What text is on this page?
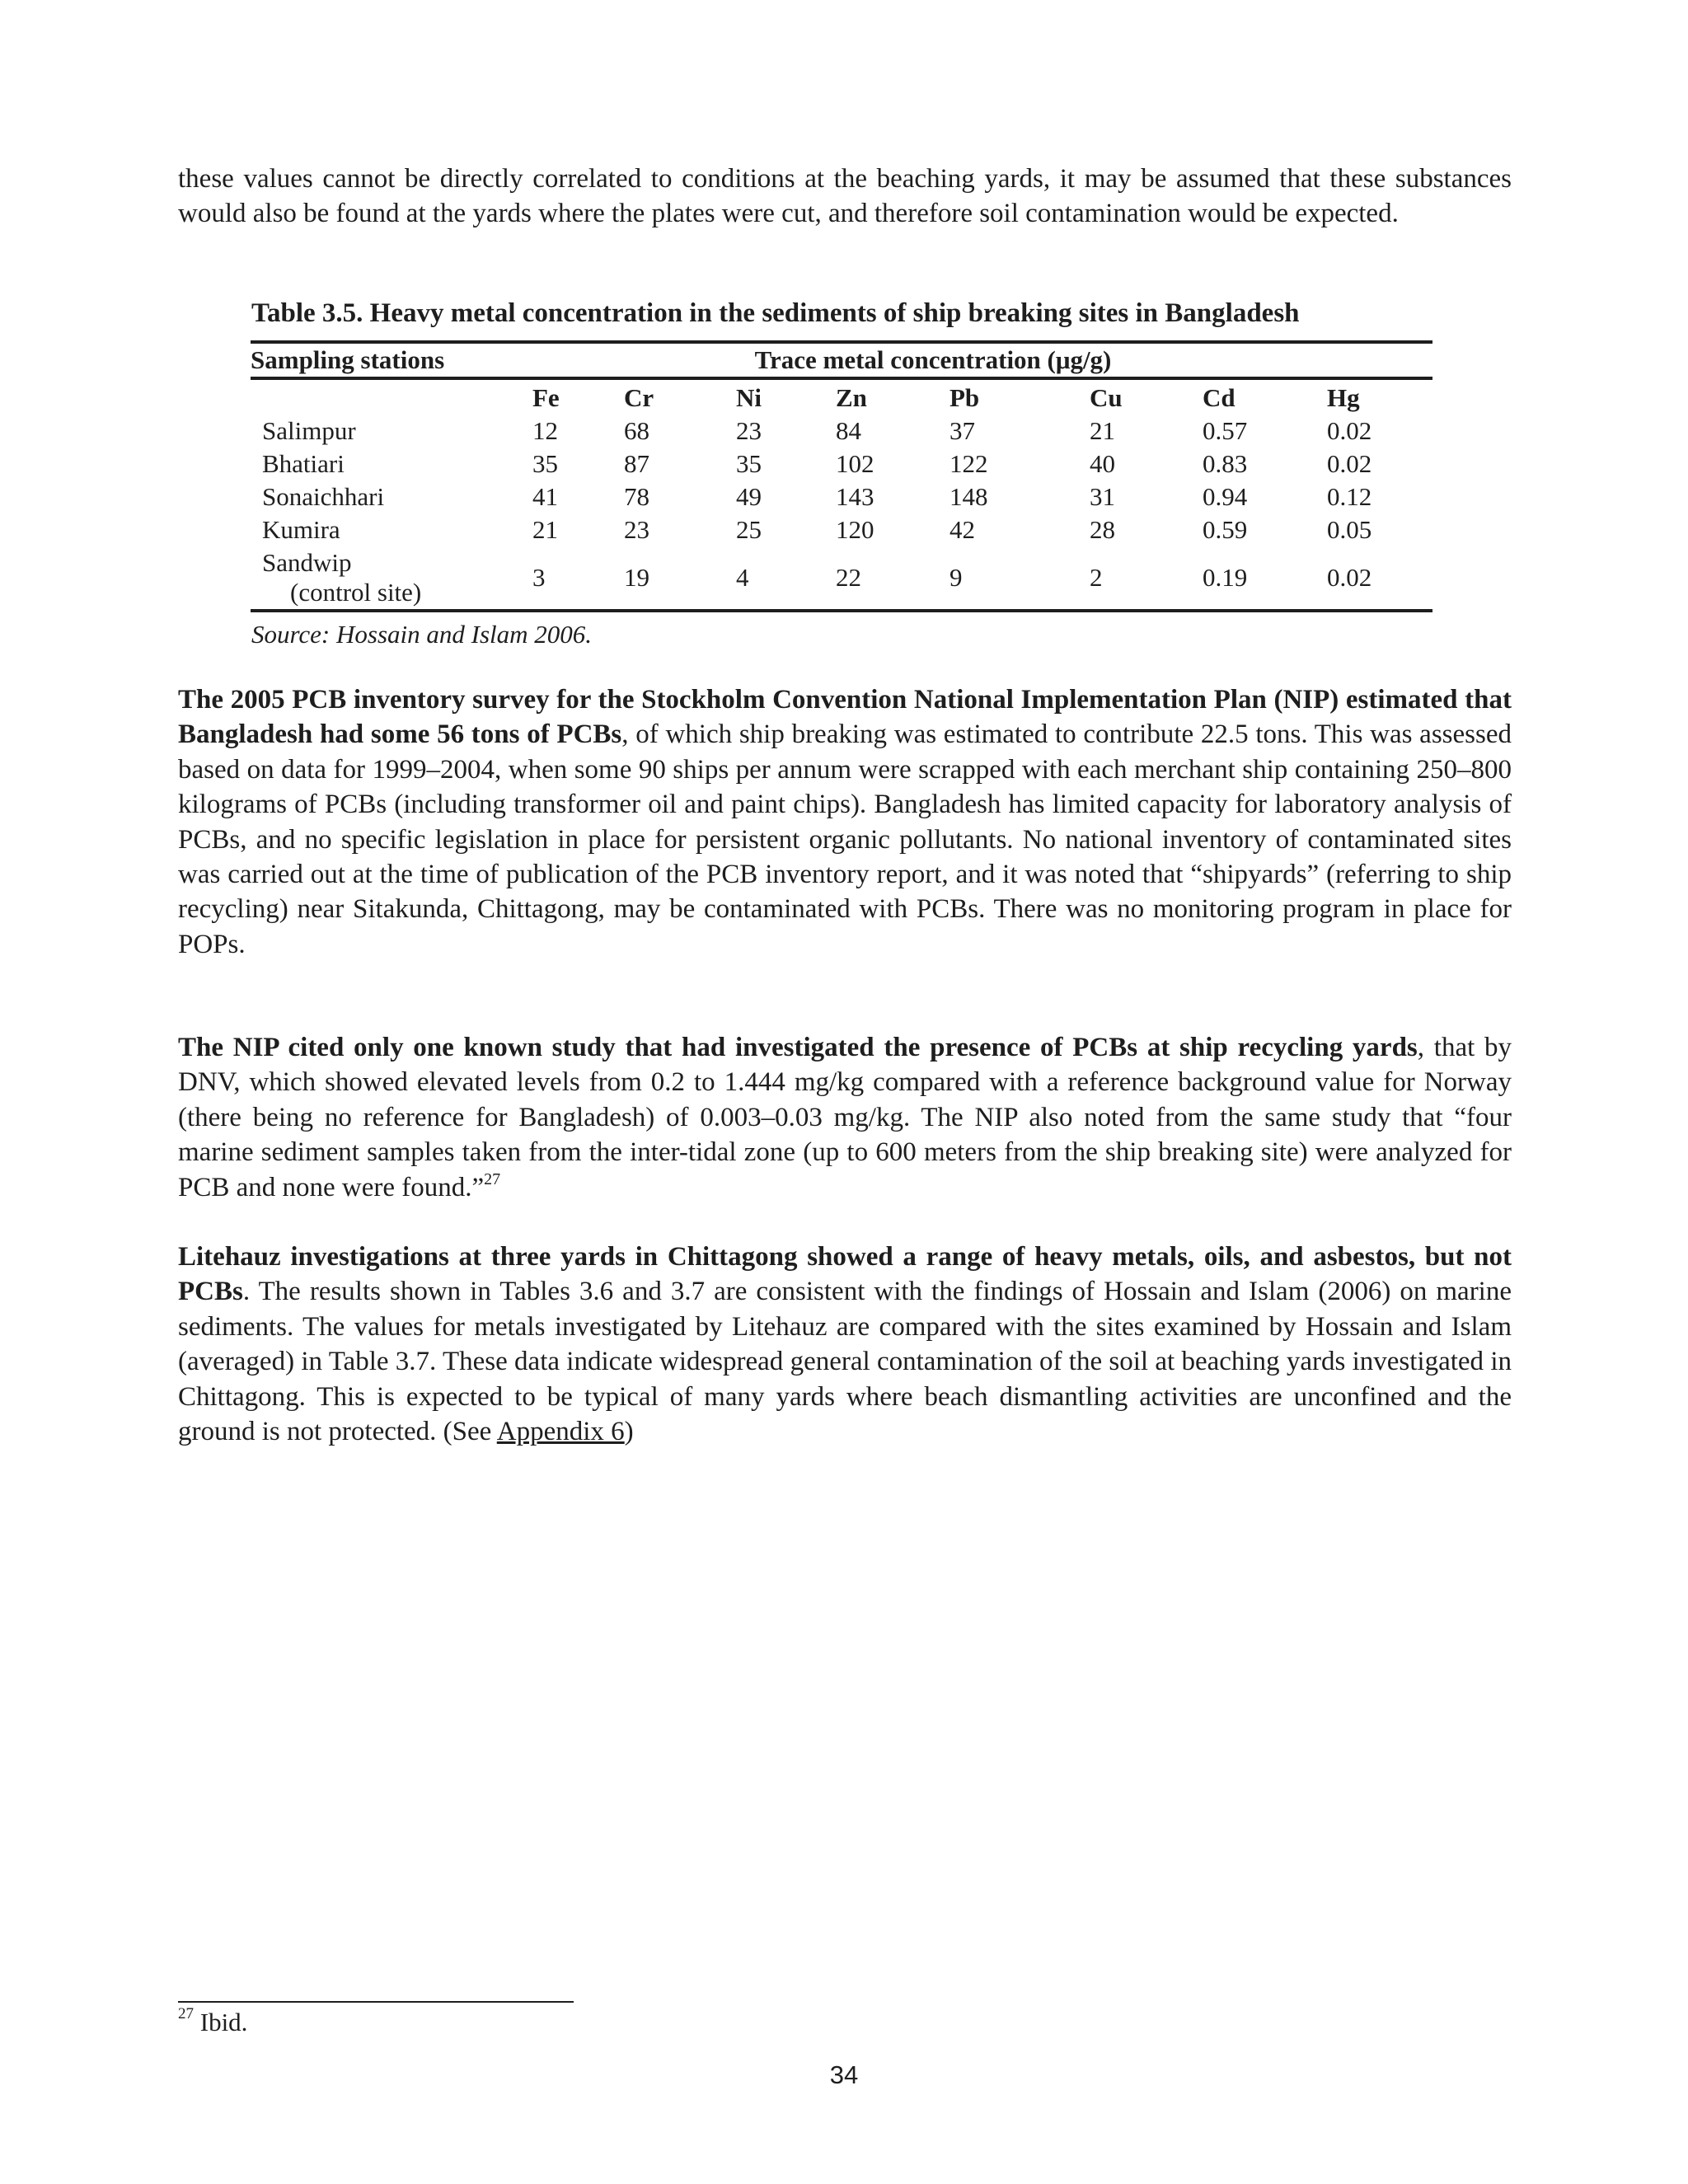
these values cannot be directly correlated to conditions at the beaching yards, it may be assumed that these substances would also be found at the yards where the plates were cut, and therefore soil contamination would be expected.

Table 3.5. Heavy metal concentration in the sediments of ship breaking sites in Bangladesh
Sampling stations	Trace metal concentration (μg/g)							
	Fe	Cr	Ni	Zn	Pb	Cu	Cd	Hg
Salimpur	12	68	23	84	37	21	0.57	0.02
Bhatiari	35	87	35	102	122	40	0.83	0.02
Sonaichhari	41	78	49	143	148	31	0.94	0.12
Kumira	21	23	25	120	42	28	0.59	0.05

Sandwip
(control site)	3	19	4	22	9	2	0.19	0.02
Source: Hossain and Islam 2006.

The 2005 PCB inventory survey for the Stockholm Convention National Implementation Plan (NIP) estimated that Bangladesh had some 56 tons of PCBs, of which ship breaking was estimated to contribute 22.5 tons. This was assessed based on data for 1999–2004, when some 90 ships per annum were scrapped with each merchant ship containing 250–800 kilograms of PCBs (including transformer oil and paint chips). Bangladesh has limited capacity for laboratory analysis of PCBs, and no specific legislation in place for persistent organic pollutants. No national inventory of contaminated sites was carried out at the time of publication of the PCB inventory report, and it was noted that “shipyards” (referring to ship recycling) near Sitakunda, Chittagong, may be contaminated with PCBs. There was no monitoring program in place for POPs.

The NIP cited only one known study that had investigated the presence of PCBs at ship recycling yards, that by DNV, which showed elevated levels from 0.2 to 1.444 mg/kg compared with a reference background value for Norway (there being no reference for Bangladesh) of 0.003–0.03 mg/kg. The NIP also noted from the same study that “four marine sediment samples taken from the inter-tidal zone (up to 600 meters from the ship breaking site) were analyzed for PCB and none were found.”$^{27}$

Litehauz investigations at three yards in Chittagong showed a range of heavy metals, oils, and asbestos, but not PCBs. The results shown in Tables 3.6 and 3.7 are consistent with the findings of Hossain and Islam (2006) on marine sediments. The values for metals investigated by Litehauz are compared with the sites examined by Hossain and Islam (averaged) in Table 3.7. These data indicate widespread general contamination of the soil at beaching yards investigated in Chittagong. This is expected to be typical of many yards where beach dismantling activities are unconfined and the ground is not protected. (See Appendix 6)

$^{27}$ Ibid.
34
